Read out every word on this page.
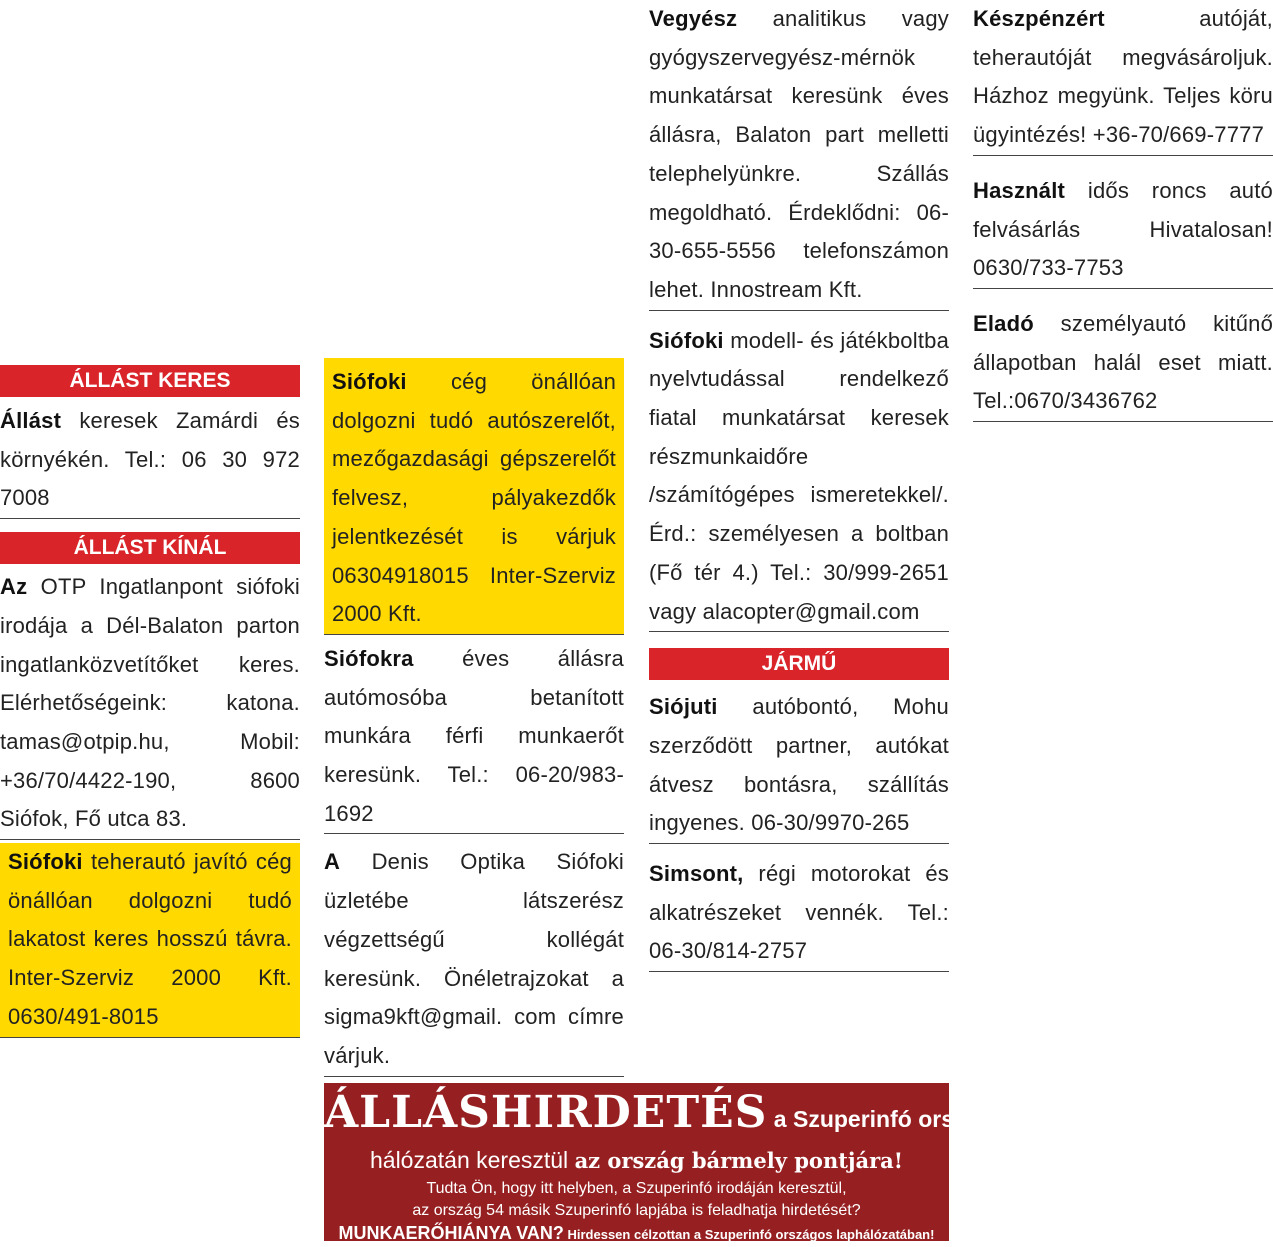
ÁLLÁST KERES
Állást keresek Zamárdi és környékén. Tel.: 06 30 972 7008
ÁLLÁST KÍNÁL
Az OTP Ingatlanpont siófoki irodája a Dél-Balaton parton ingatlanközvetítőket keres. Elérhetőségeink: katona. tamas@otpip.hu, Mobil: +36/70/4422-190, 8600 Siófok, Fő utca 83.
Siófoki teherautó javító cég önállóan dolgozni tudó lakatost keres hosszú távra. Inter-Szerviz 2000 Kft. 0630/491-8015
Siófoki cég önállóan dolgozni tudó autószerelőt, mezőgazdasági gépszerelőt felvesz, pályakezdők jelentkezését is várjuk 06304918015 Inter-Szerviz 2000 Kft.
Siófokra éves állásra autómosóba betanított munkára férfi munkaerőt keresünk. Tel.: 06-20/983-1692
A Denis Optika Siófoki üzletébe látszerész végzettségű kollégát keresünk. Önéletrajzokat a sigma9kft@gmail. com címre várjuk.
Vegyész analitikus vagy gyógyszervegyész-mérnök munkatársat keresünk éves állásra, Balaton part melletti telephelyünkre. Szállás megoldható. Érdeklődni: 06-30-655-5556 telefonszámon lehet. Innostream Kft.
Siófoki modell- és játékboltba nyelvtudással rendelkező fiatal munkatársat keresek részmunkaidőre /számítógépes ismeretekkel/. Érd.: személyesen a boltban (Fő tér 4.) Tel.: 30/999-2651 vagy alacopter@gmail.com
JÁRMŰ
Siójuti autóbontó, Mohu szerződött partner, autókat átvesz bontásra, szállítás ingyenes. 06-30/9970-265
Simsont, régi motorokat és alkatrészeket vennék. Tel.: 06-30/814-2757
Készpénzért autóját, teherautóját megvásároljuk. Házhoz megyünk. Teljes köru ügyintézés! +36-70/669-7777
Használt idős roncs autó felvásárlás Hivatalosan! 0630/733-7753
Eladó személyautó kitűnő állapotban halál eset miatt. Tel.:0670/3436762
ÁLLÁSHIRDETÉS a Szuperinfó országos
hálózatán keresztül az ország bármely pontjára!
Tudta Ön, hogy itt helyben, a Szuperinfó irodáján keresztül,
az ország 54 másik Szuperinfó lapjába is feladhatja hirdetését?
MUNKAERŐHIÁNYA VAN? Hirdessen célzottan a Szuperinfó országos laphálózatában!
